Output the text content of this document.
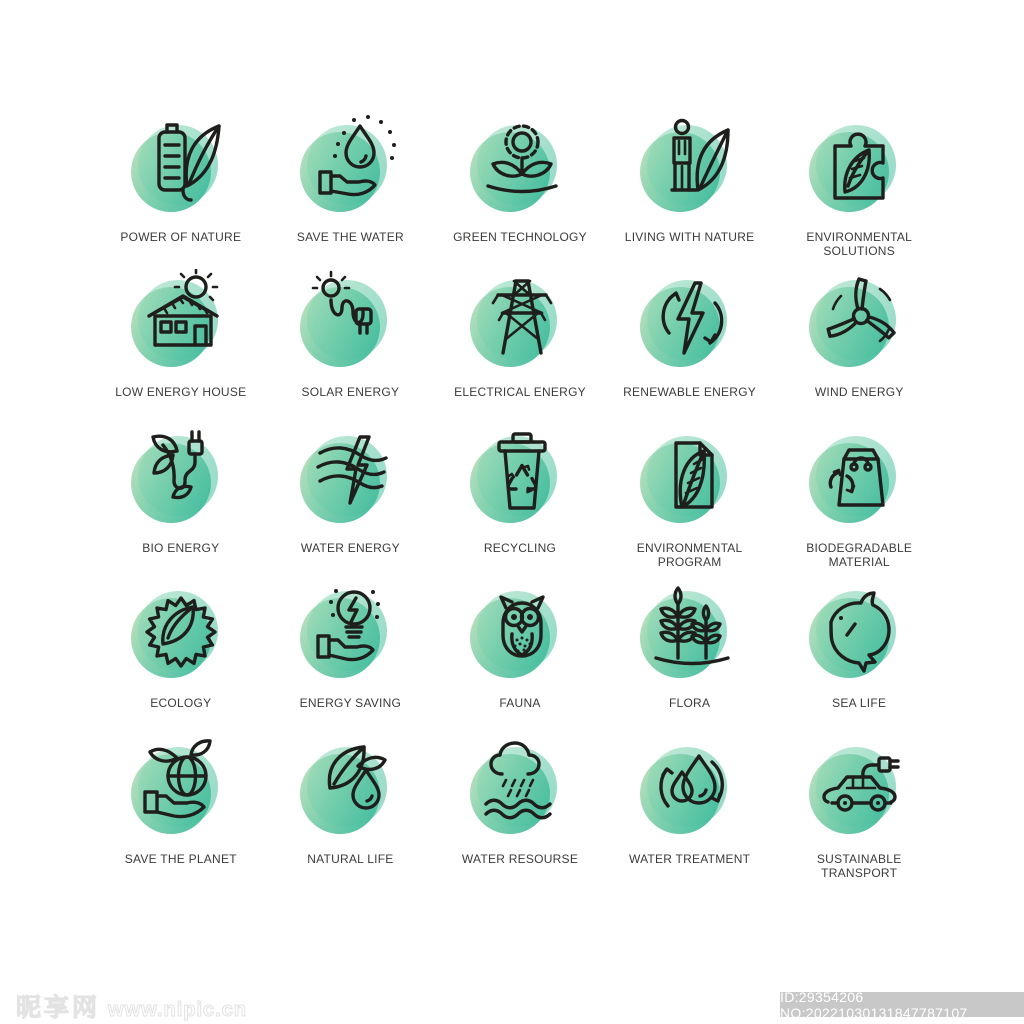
POWER OF NATURE	SAVE THE WATER	GREEN TECHNOLOGY	LIVING WITH NATURE	ENVIRONMENTAL SOLUTIONS
LOW ENERGY HOUSE	SOLAR ENERGY	ELECTRICAL ENERGY	RENEWABLE ENERGY	WIND ENERGY
BIO ENERGY	WATER ENERGY	RECYCLING	ENVIRONMENTAL PROGRAM
BIODEGRADABLE MATERIAL
ECOLOGY	ENERGY SAVING	FAUNA	FLORA	SEA LIFE
SAVE THE PLANET	NATURAL LIFE	WATER RESOURSE	WATER TREATMENT	SUSTAINABLE TRANSPORT
昵享网 www.nipic.cn
ID:29354206 NO:20221030131847787107
